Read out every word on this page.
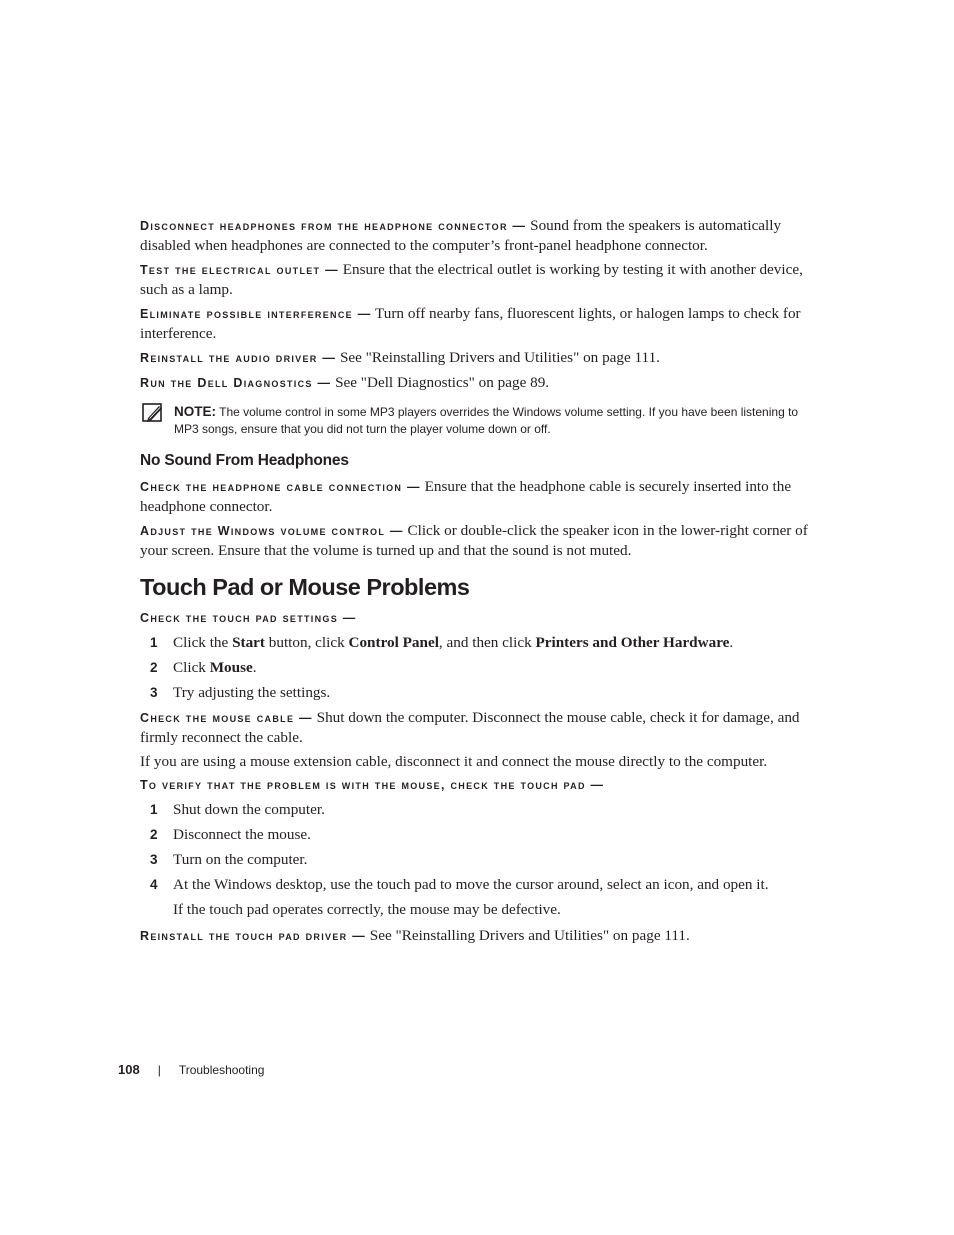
Disconnect headphones from the headphone connector — Sound from the speakers is automatically disabled when headphones are connected to the computer’s front-panel headphone connector.

Test the electrical outlet — Ensure that the electrical outlet is working by testing it with another device, such as a lamp.

Eliminate possible interference — Turn off nearby fans, fluorescent lights, or halogen lamps to check for interference.

Reinstall the audio driver — See "Reinstalling Drivers and Utilities" on page 111.

Run the Dell Diagnostics — See "Dell Diagnostics" on page 89.

NOTE: The volume control in some MP3 players overrides the Windows volume setting. If you have been listening to MP3 songs, ensure that you did not turn the player volume down or off.
No Sound From Headphones

Check the headphone cable connection — Ensure that the headphone cable is securely inserted into the headphone connector.

Adjust the Windows volume control — Click or double-click the speaker icon in the lower-right corner of your screen. Ensure that the volume is turned up and that the sound is not muted.

Touch Pad or Mouse Problems
Check the touch pad settings —
1 Click the Start button, click Control Panel, and then click Printers and Other Hardware.
2 Click Mouse.
3 Try adjusting the settings.

Check the mouse cable — Shut down the computer. Disconnect the mouse cable, check it for damage, and firmly reconnect the cable.

If you are using a mouse extension cable, disconnect it and connect the mouse directly to the computer.

To verify that the problem is with the mouse, check the touch pad —
1 Shut down the computer.
2 Disconnect the mouse.
3 Turn on the computer.
4 At the Windows desktop, use the touch pad to move the cursor around, select an icon, and open it.

If the touch pad operates correctly, the mouse may be defective.

Reinstall the touch pad driver — See "Reinstalling Drivers and Utilities" on page 111.

108 | Troubleshooting
